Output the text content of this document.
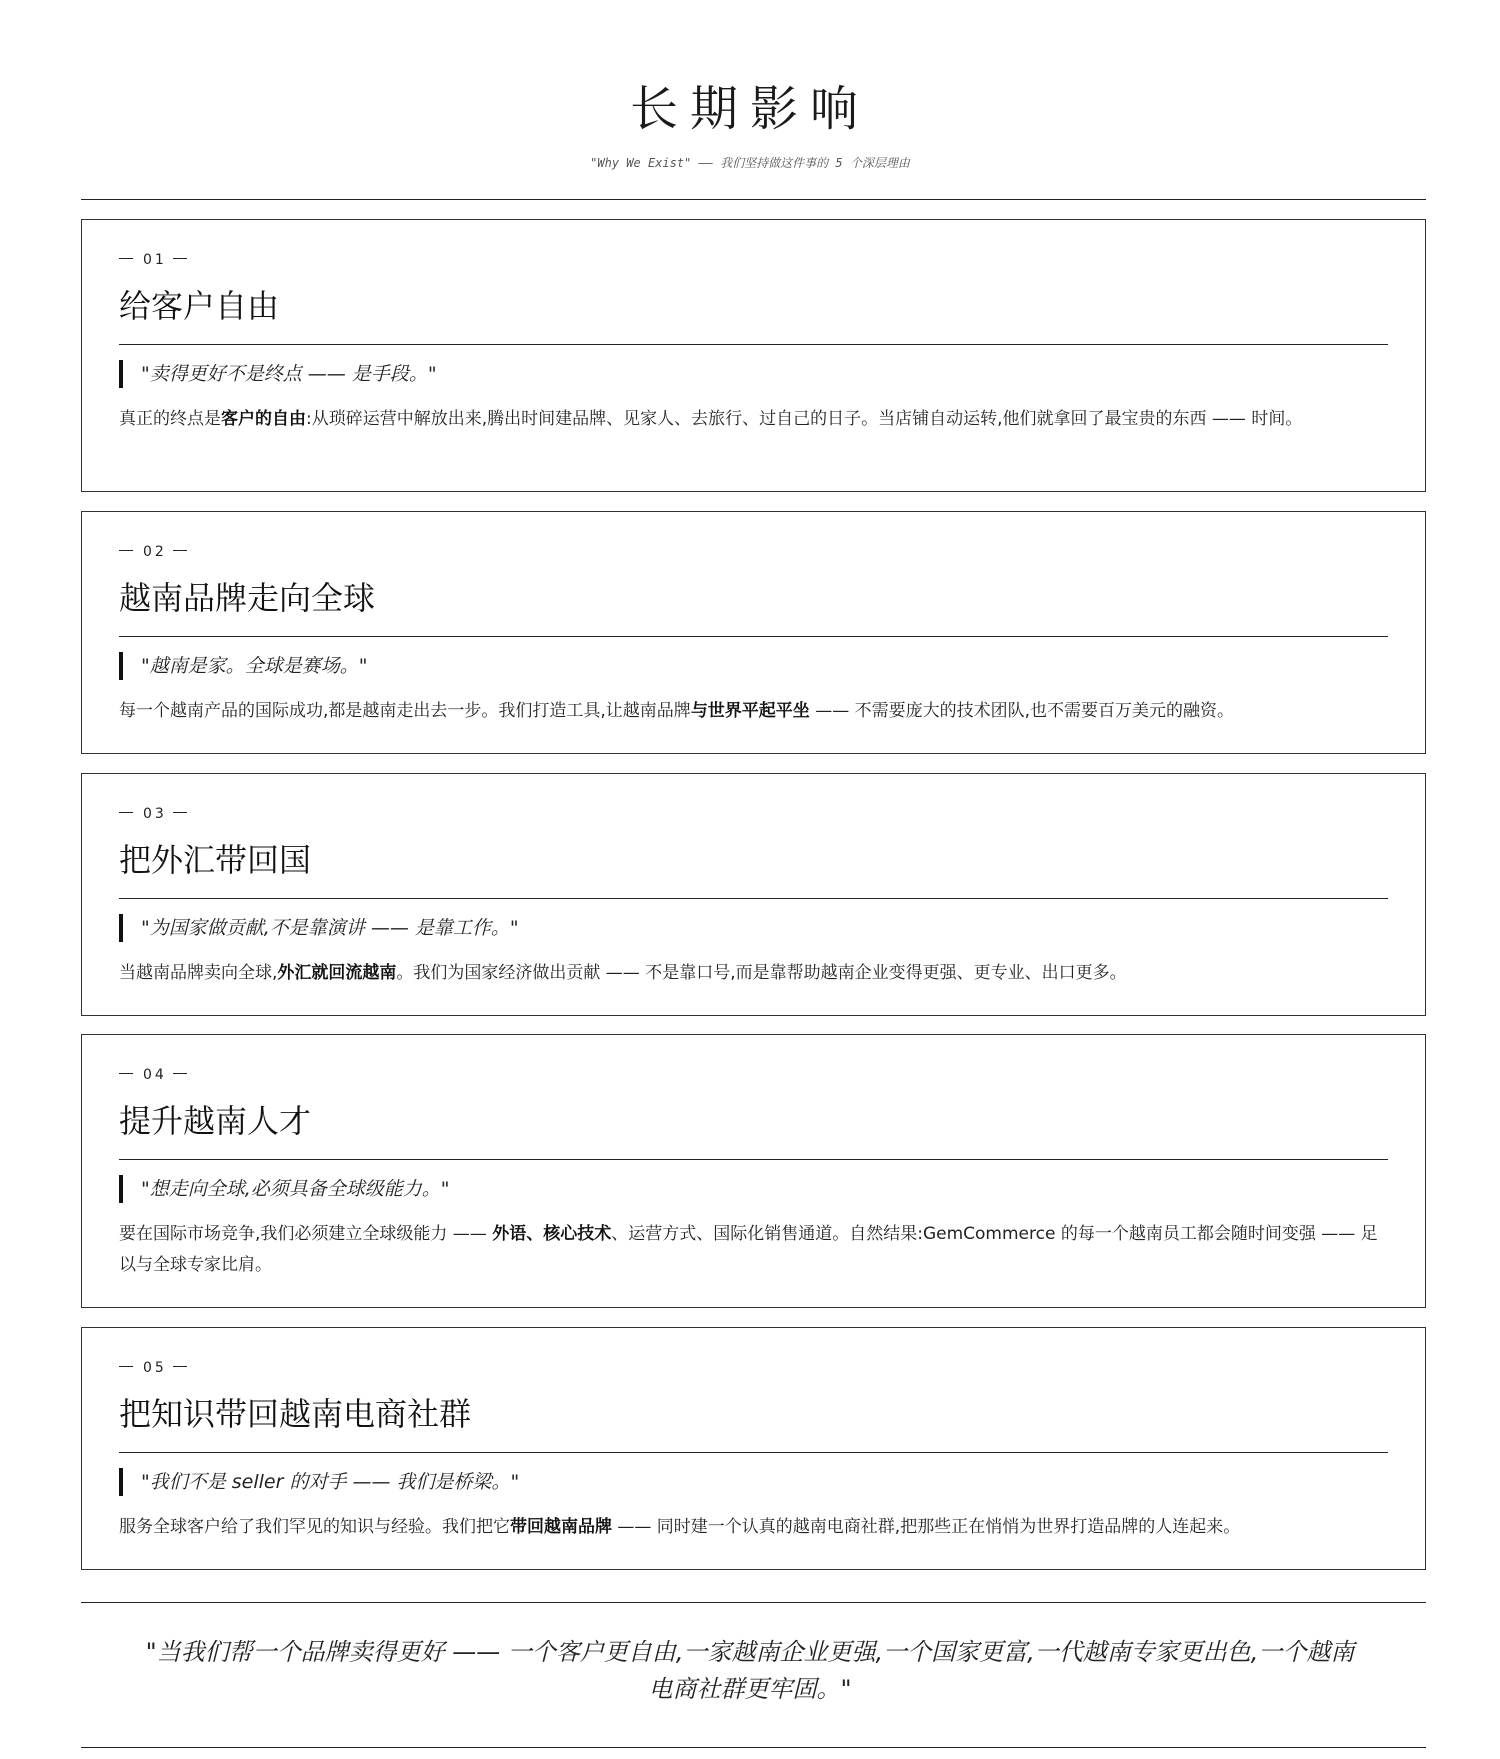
长期影响
"Why We Exist" —— 我们坚持做这件事的 5 个深层理由
01
给客户自由
"卖得更好不是终点 —— 是手段。"
真正的终点是客户的自由:从琐碎运营中解放出来,腾出时间建品牌、见家人、去旅行、过自己的日子。当店铺自动运转,他们就拿回了最宝贵的东西 —— 时间。
02
越南品牌走向全球
"越南是家。全球是赛场。"
每一个越南产品的国际成功,都是越南走出去一步。我们打造工具,让越南品牌与世界平起平坐 —— 不需要庞大的技术团队,也不需要百万美元的融资。
03
把外汇带回国
"为国家做贡献,不是靠演讲 —— 是靠工作。"
当越南品牌卖向全球,外汇就回流越南。我们为国家经济做出贡献 —— 不是靠口号,而是靠帮助越南企业变得更强、更专业、出口更多。
04
提升越南人才
"想走向全球,必须具备全球级能力。"
要在国际市场竞争,我们必须建立全球级能力 —— 外语、核心技术、运营方式、国际化销售通道。自然结果:GemCommerce 的每一个越南员工都会随时间变强 —— 足以与全球专家比肩。
05
把知识带回越南电商社群
"我们不是 seller 的对手 —— 我们是桥梁。"
服务全球客户给了我们罕见的知识与经验。我们把它带回越南品牌 —— 同时建一个认真的越南电商社群,把那些正在悄悄为世界打造品牌的人连起来。
"当我们帮一个品牌卖得更好 —— 一个客户更自由,一家越南企业更强,一个国家更富,一代越南专家更出色,一个越南电商社群更牢固。"
